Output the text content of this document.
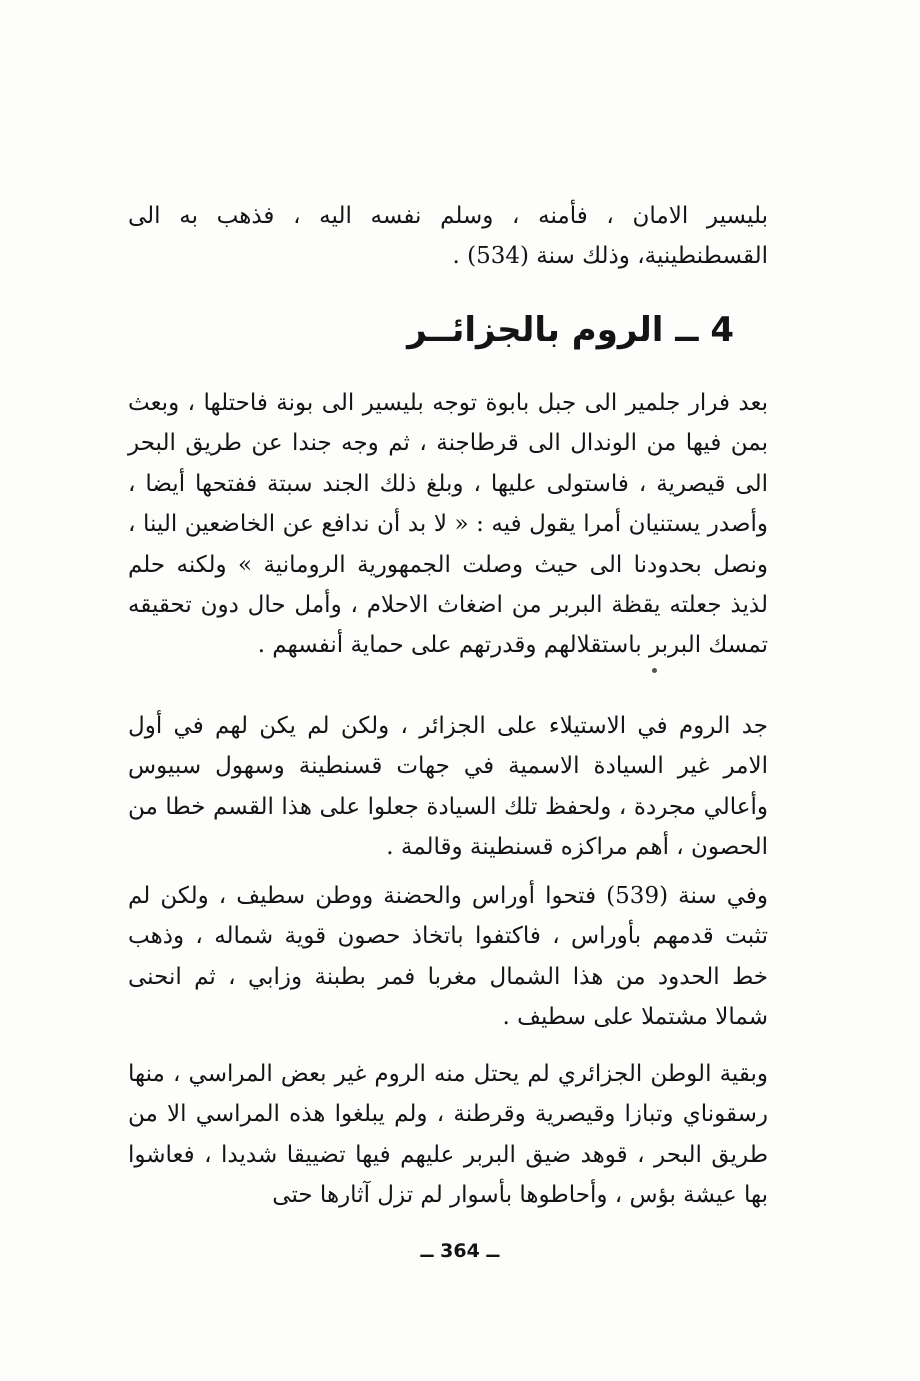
بليسير الامان ، فأمنه ، وسلم نفسه اليه ، فذهب به الى القسطنطينية، وذلك سنة (534) .

4 ــ الروم بالجزائــر

بعد فرار جلمير الى جبل بابوة توجه بليسير الى بونة فاحتلها ، وبعث بمن فيها من الوندال الى قرطاجنة ، ثم وجه جندا عن طريق البحر الى قيصرية ، فاستولى عليها ، وبلغ ذلك الجند سبتة ففتحها أيضا ، وأصدر يستنيان أمرا يقول فيه : « لا بد أن ندافع عن الخاضعين الينا ، ونصل بحدودنا الى حيث وصلت الجمهورية الرومانية » ولكنه حلم لذيذ جعلته يقظة البربر من اضغاث الاحلام ، وأمل حال دون تحقيقه تمسك البربر باستقلالهم وقدرتهم على حماية أنفسهم .

جد الروم في الاستيلاء على الجزائر ، ولكن لم يكن لهم في أول الامر غير السيادة الاسمية في جهات قسنطينة وسهول سبيوس وأعالي مجردة ، ولحفظ تلك السيادة جعلوا على هذا القسم خطا من الحصون ، أهم مراكزه قسنطينة وقالمة .

وفي سنة (539) فتحوا أوراس والحضنة ووطن سطيف ، ولكن لم تثبت قدمهم بأوراس ، فاكتفوا باتخاذ حصون قوية شماله ، وذهب خط الحدود من هذا الشمال مغربا فمر بطبنة وزابي ، ثم انحنى شمالا مشتملا على سطيف .

وبقية الوطن الجزائري لم يحتل منه الروم غير بعض المراسي ، منها رسقوناي وتبازا وقيصرية وقرطنة ، ولم يبلغوا هذه المراسي الا من طريق البحر ، قوهد ضيق البربر عليهم فيها تضييقا شديدا ، فعاشوا بها عيشة بؤس ، وأحاطوها بأسوار لم تزل آثارها حتى

ــ 364 ــ
